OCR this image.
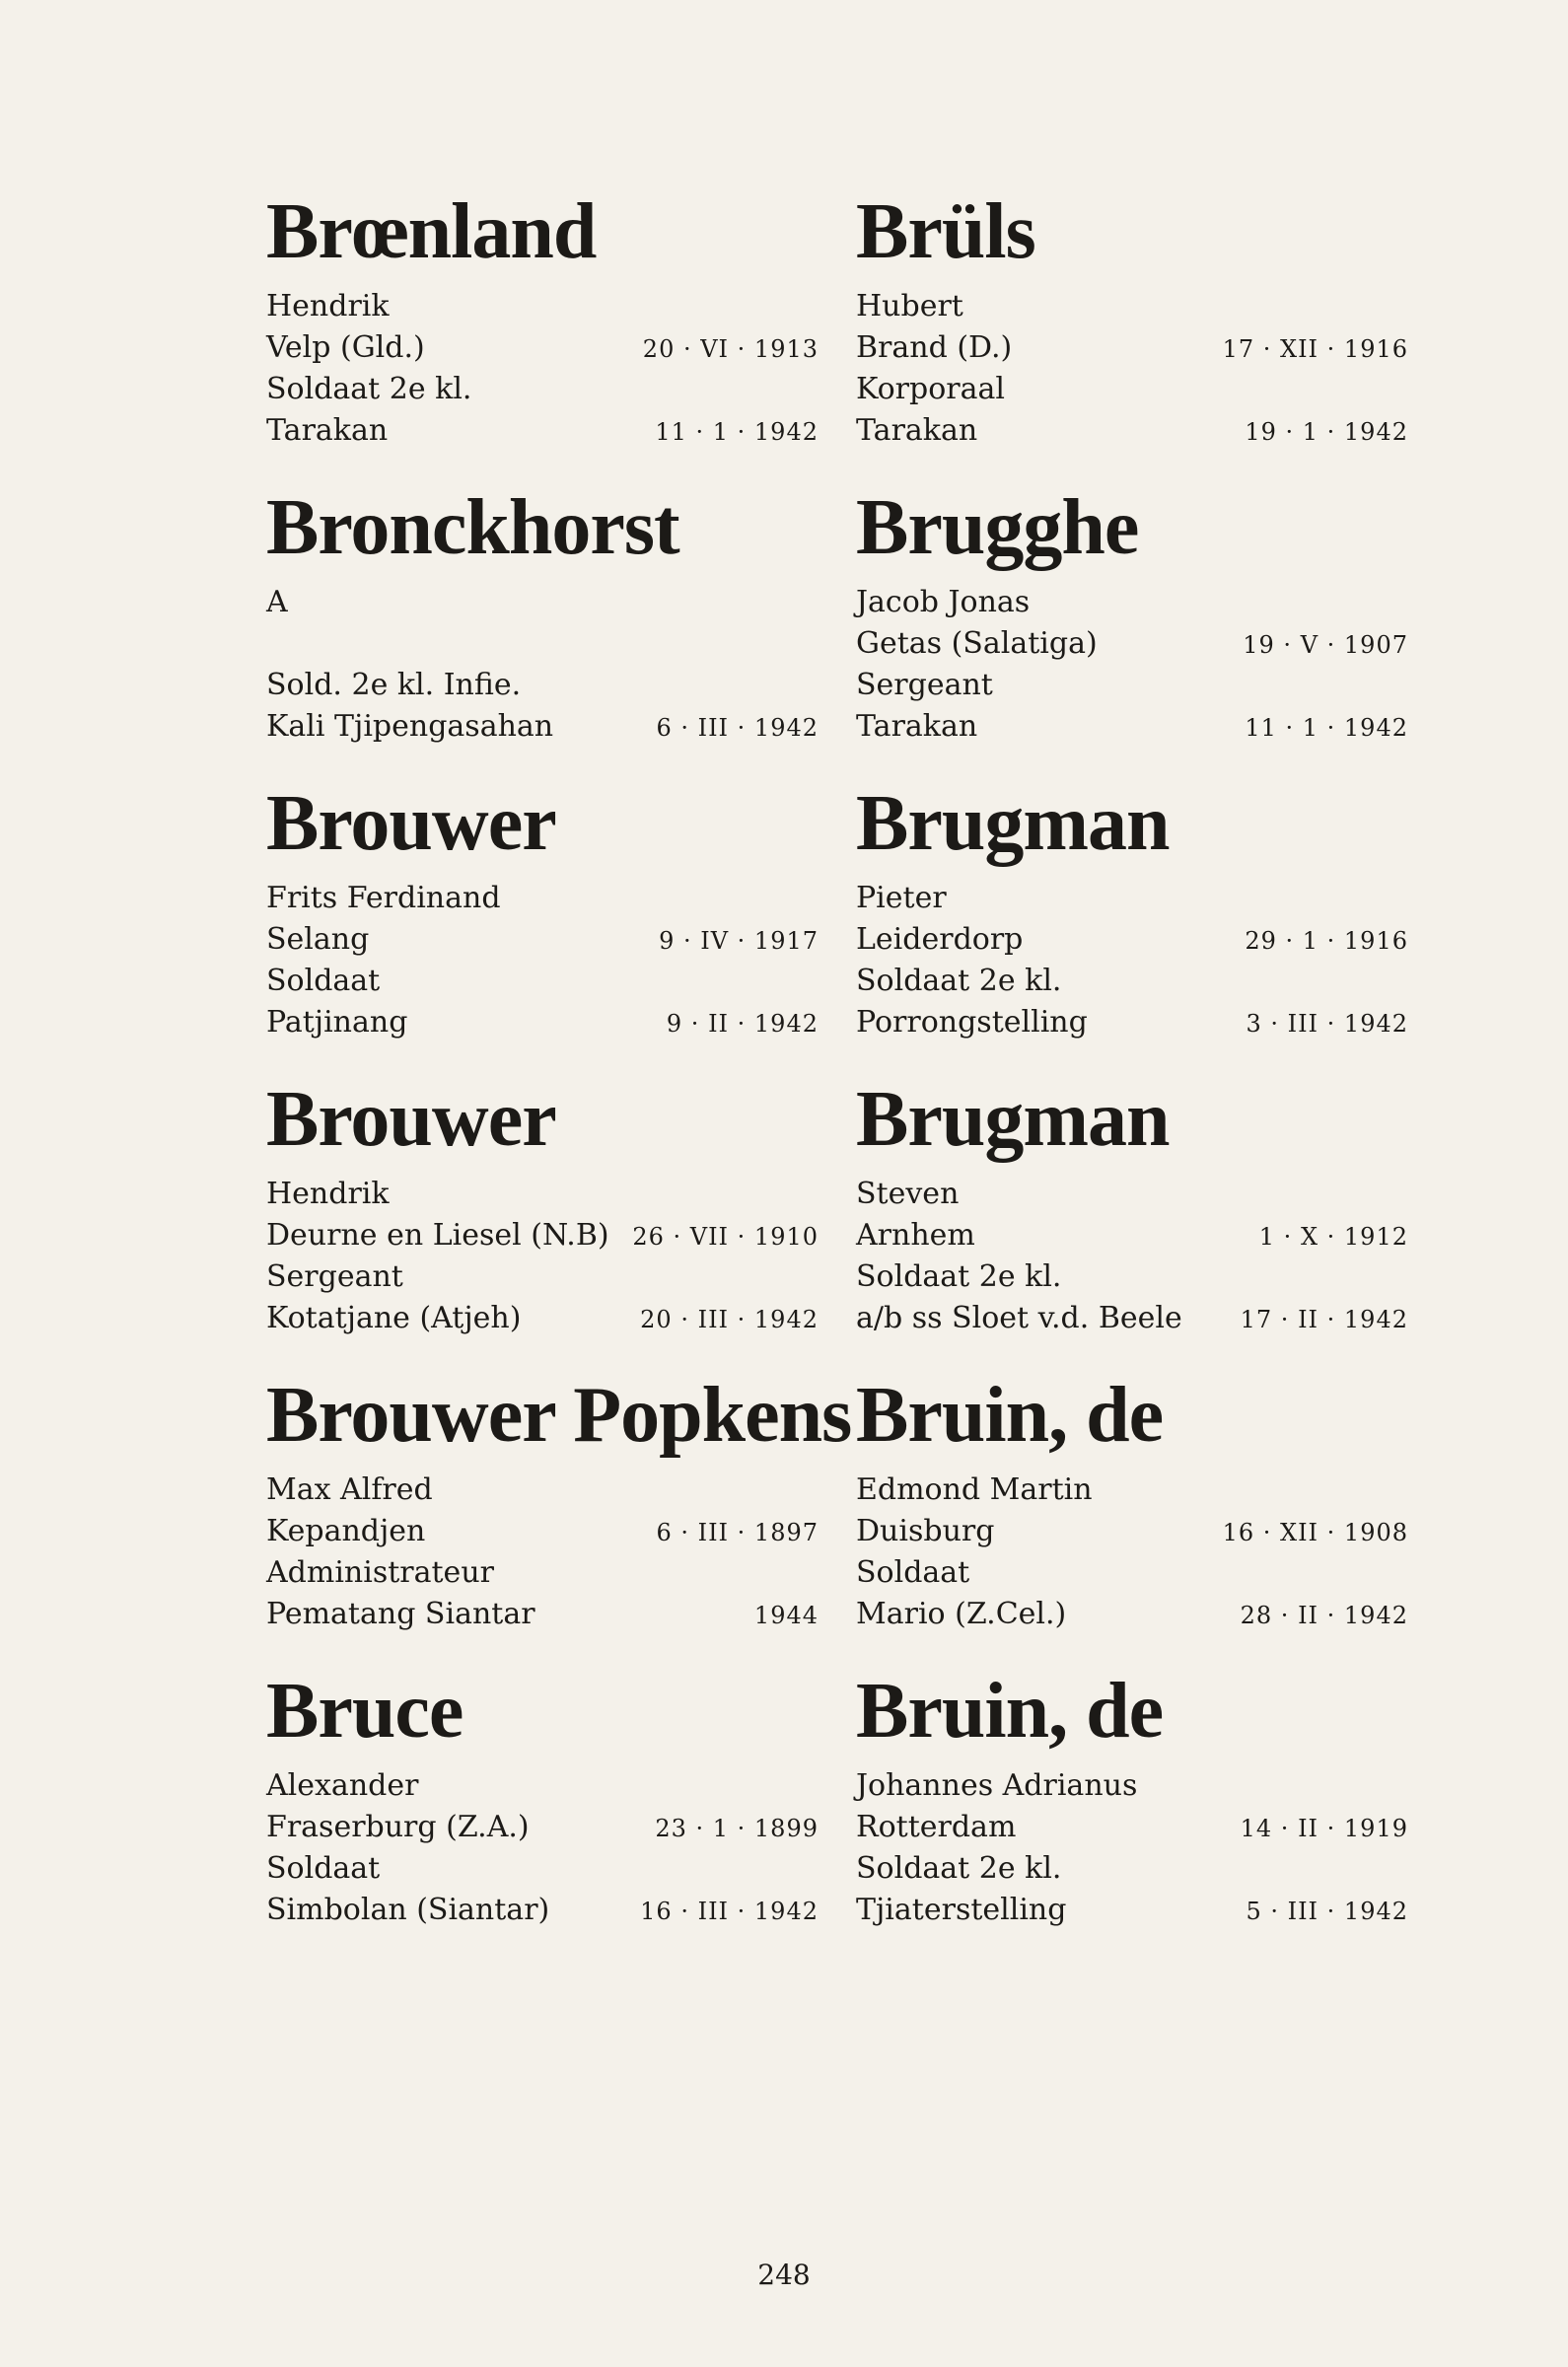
Brœnland
Hendrik
Velp (Gld.)	20 · VI · 1913
Soldaat 2e kl.
Tarakan	11 · 1 · 1942
Bronckhorst
A
Sold. 2e kl. Infie.
Kali Tjipengasahan	6 · III · 1942
Brouwer
Frits Ferdinand
Selang	9 · IV · 1917
Soldaat
Patjinang	9 · II · 1942
Brouwer
Hendrik
Deurne en Liesel (N.B) 26 · VII · 1910
Sergeant
Kotatjane (Atjeh)	20 · III · 1942
Brouwer Popkens
Max Alfred
Kepandjen	6 · III · 1897
Administrateur
Pematang Siantar	1944
Bruce
Alexander
Fraserburg (Z.A.)	23 · 1 · 1899
Soldaat
Simbolan (Siantar)	16 · III · 1942
Brüls
Hubert
Brand (D.)	17 · XII · 1916
Korporaal
Tarakan	19 · 1 · 1942
Brugghe
Jacob Jonas
Getas (Salatiga)	19 · V · 1907
Sergeant
Tarakan	11 · 1 · 1942
Brugman
Pieter
Leiderdorp	29 · 1 · 1916
Soldaat 2e kl.
Porrongstelling	3 · III · 1942
Brugman
Steven
Arnhem	1 · X · 1912
Soldaat 2e kl.
a/b ss Sloet v.d. Beele 17 · II · 1942
Bruin, de
Edmond Martin
Duisburg	16 · XII · 1908
Soldaat
Mario (Z.Cel.)	28 · II · 1942
Bruin, de
Johannes Adrianus
Rotterdam	14 · II · 1919
Soldaat 2e kl.
Tjiaterstelling	5 · III · 1942
248
